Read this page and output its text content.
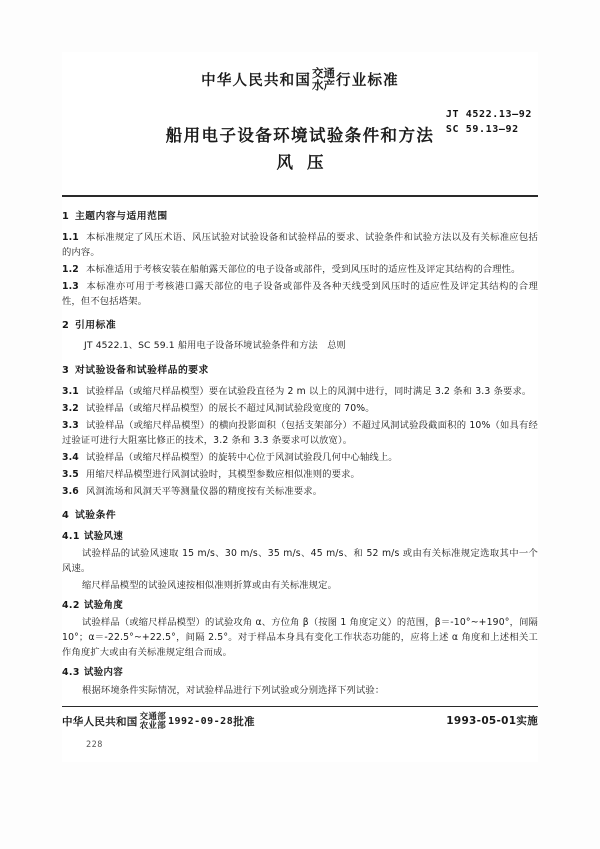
中华人民共和国
交通
水产 行业标准
JT 4522.13—92
SC 59.13—92
船用电子设备环境试验条件和方法
风压
1 主题内容与适用范围

1.1 本标准规定了风压术语、风压试验对试验设备和试验样品的要求、试验条件和试验方法以及有关标准应包括的内容。

1.2 本标准适用于考核安装在船舶露天部位的电子设备或部件，受到风压时的适应性及评定其结构的合理性。

1.3 本标准亦可用于考核港口露天部位的电子设备或部件及各种天线受到风压时的适应性及评定其结构的合理性，但不包括塔架。

2 引用标准

JT 4522.1、SC 59.1 船用电子设备环境试验条件和方法　总则

3 对试验设备和试验样品的要求

3.1 试验样品（或缩尺样品模型）要在试验段直径为 2 m 以上的风洞中进行，同时满足 3.2 条和 3.3 条要求。

3.2 试验样品（或缩尺样品模型）的展长不超过风洞试验段宽度的 70%。

3.3 试验样品（或缩尺样品模型）的横向投影面积（包括支架部分）不超过风洞试验段截面积的 10%（如具有经过验证可进行大阻塞比修正的技术，3.2 条和 3.3 条要求可以放宽）。

3.4 试验样品（或缩尺样品模型）的旋转中心位于风洞试验段几何中心轴线上。

3.5 用缩尺样品模型进行风洞试验时，其模型参数应相似准则的要求。

3.6 风洞流场和风洞天平等测量仪器的精度按有关标准要求。

4 试验条件
4.1 试验风速

试验样品的试验风速取 15 m/s、30 m/s、35 m/s、45 m/s、和 52 m/s 或由有关标准规定选取其中一个风速。

缩尺样品模型的试验风速按相似准则折算或由有关标准规定。

4.2 试验角度

试验样品（或缩尺样品模型）的试验攻角 α、方位角 β（按图 1 角度定义）的范围，β＝-10°~+190°，间隔 10°；α＝-22.5°~+22.5°，间隔 2.5°。对于样品本身具有变化工作状态功能的，应将上述 α 角度和上述相关工作角度扩大或由有关标准规定组合而成。

4.3 试验内容

根据环境条件实际情况，对试验样品进行下列试验或分别选择下列试验：

中华人民共和国 交通部
农业部 1992-09-28 批准	1993-05-01实施
228
